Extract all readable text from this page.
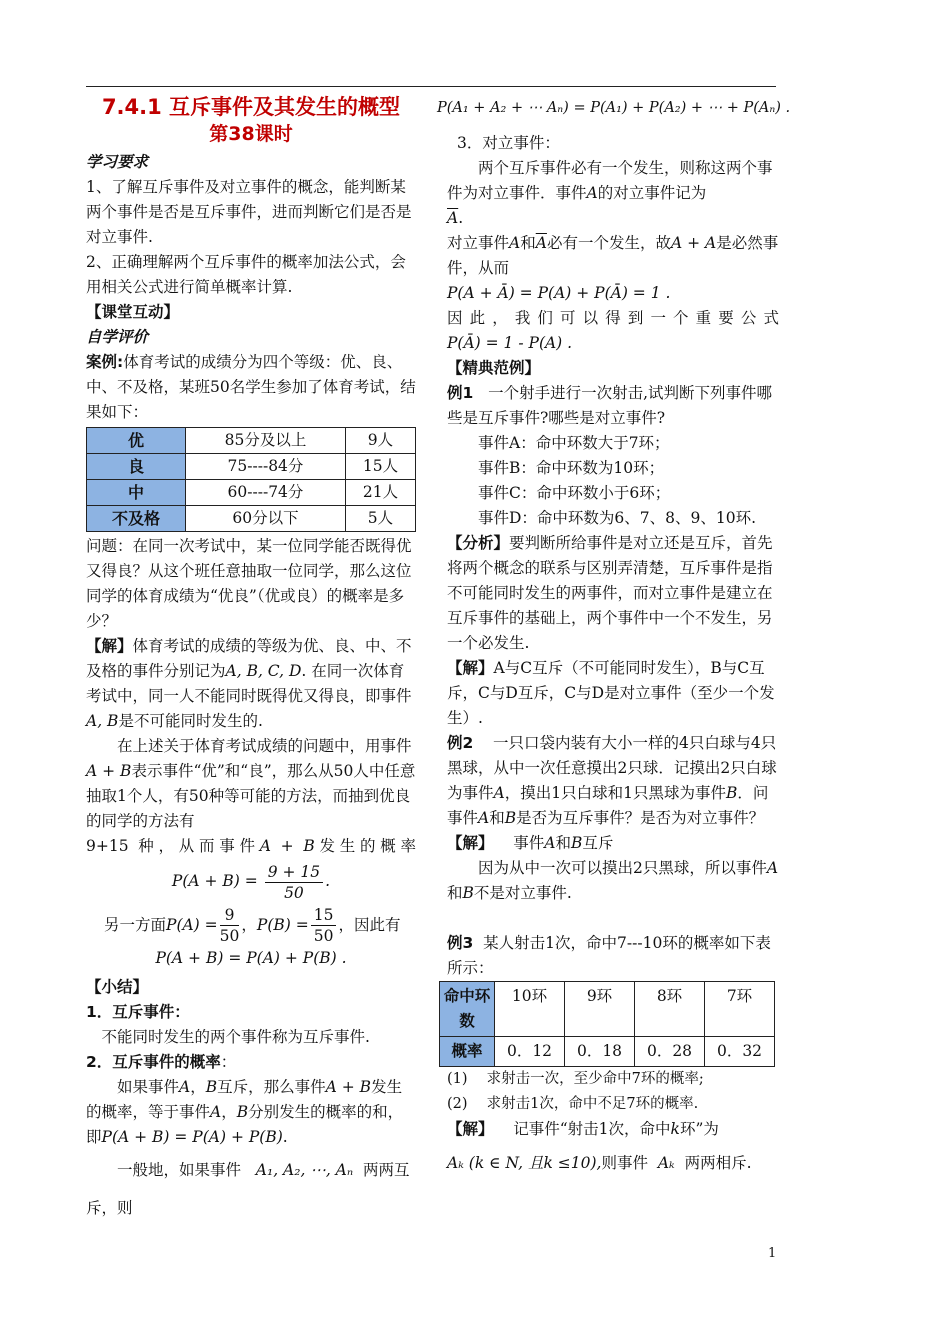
7.4.1 互斥事件及其发生的概型
第38课时

学习要求

1、了解互斥事件及对立事件的概念，能判断某两个事件是否是互斥事件，进而判断它们是否是对立事件.

2、正确理解两个互斥事件的概率加法公式，会用相关公式进行简单概率计算.

【课堂互动】

自学评价

案例:体育考试的成绩分为四个等级：优、良、中、不及格，某班50名学生参加了体育考试，结果如下：

优	85分及以上	9人
良	75----84分	15人
中	60----74分	21人
不及格	60分以下	5人

问题：在同一次考试中，某一位同学能否既得优又得良？从这个班任意抽取一位同学，那么这位同学的体育成绩为“优良”（优或良）的概率是多少？

【解】体育考试的成绩的等级为优、良、中、不及格的事件分别记为A, B, C, D. 在同一次体育考试中，同一人不能同时既得优又得良，即事件A, B是不可能同时发生的.

在上述关于体育考试成绩的问题中，用事件A + B表示事件“优”和“良”，那么从50人中任意抽取1个人，有50种等可能的方法，而抽到优良的同学的方法有

9+15 种，从而事件A + B发生的概率

$P(A + B) = \frac{9 + 15}{50}$ .
另一方面$P(A) = \frac{9}{50}$ ，$P(B) = \frac{15}{50}$ ，因此有

P(A + B) = P(A) + P(B) .

【小结】

1．互斥事件：

不能同时发生的两个事件称为互斥事件.

2．互斥事件的概率：

如果事件A，B互斥，那么事件A + B发生的概率，等于事件A，B分别发生的概率的和，即P(A + B) = P(A) + P(B).

一般地，如果事件 A₁, A₂, ⋯, Aₙ 两两互

斥，则

P(A₁ + A₂ + ⋯ Aₙ) = P(A₁) + P(A₂) + ⋯ + P(Aₙ) .

3．对立事件：

两个互斥事件必有一个发生，则称这两个事件为对立事件．事件A的对立事件记为

$\overline{A}$.

对立事件A和$\overline{A}$必有一个发生，故A + A是必然事件，从而

P(A + Ā) = P(A) + P(Ā) = 1 .

因此，我们可以得到一个重要公式

P(Ā) = 1 - P(A) .

【精典范例】

例1 一个射手进行一次射击,试判断下列事件哪些是互斥事件?哪些是对立事件?

事件A：命中环数大于7环；

事件B：命中环数为10环；

事件C：命中环数小于6环；

事件D：命中环数为6、7、8、9、10环.

【分析】要判断所给事件是对立还是互斥，首先将两个概念的联系与区别弄清楚，互斥事件是指不可能同时发生的两事件，而对立事件是建立在互斥事件的基础上，两个事件中一个不发生，另一个必发生.

【解】A与C互斥（不可能同时发生），B与C互斥，C与D互斥，C与D是对立事件（至少一个发生）.

例2 一只口袋内装有大小一样的4只白球与4只黑球，从中一次任意摸出2只球．记摸出2只白球为事件A，摸出1只白球和1只黑球为事件B．问事件A和B是否为互斥事件？是否为对立事件？

【解】 事件A和B互斥

因为从中一次可以摸出2只黑球，所以事件A和B不是对立事件.

例3 某人射击1次，命中7---10环的概率如下表所示：

命中环数	10环	9环	8环	7环
概率	0．12	0．18	0．28	0．32

(1)　 求射击一次，至少命中7环的概率;

(2)　 求射击1次，命中不足7环的概率.

【解】 记事件“射击1次，命中k环”为

Aₖ (k ∈ N, 且k ≤10),则事件 Aₖ 两两相斥.

1
